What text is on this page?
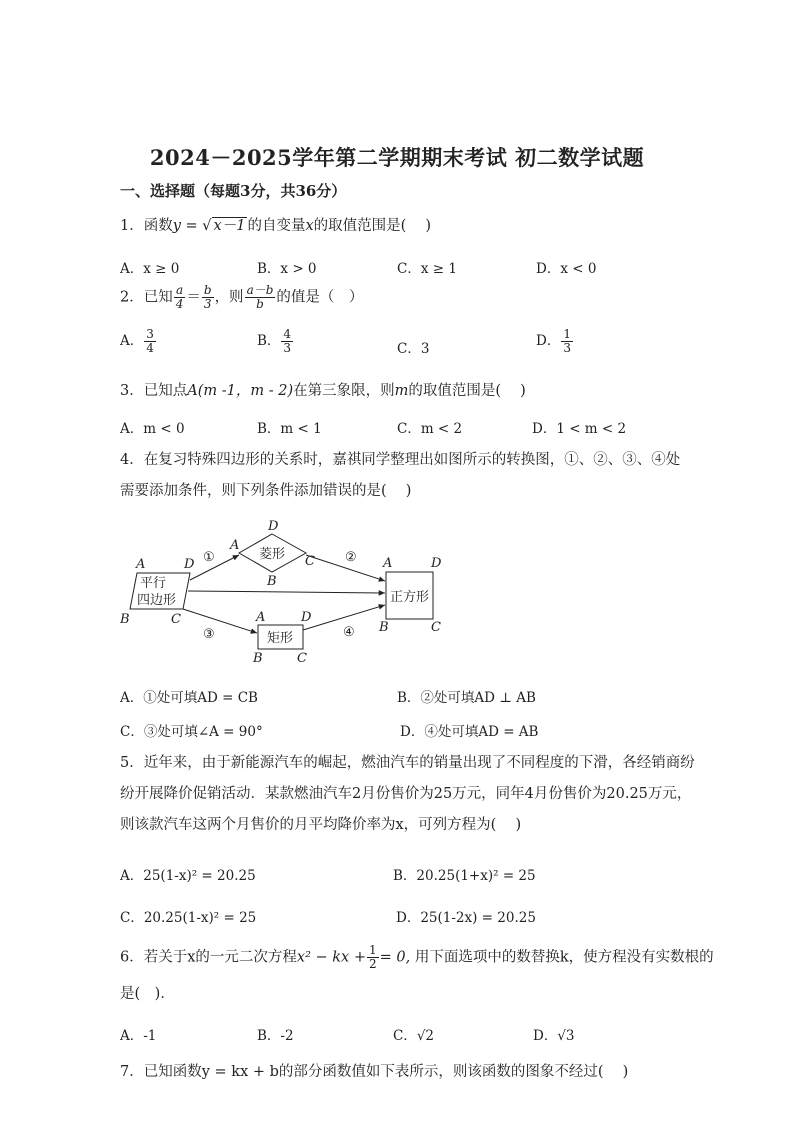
2024－2025学年第二学期期末考试 初二数学试题
一、选择题（每题3分，共36分）
1．函数y = √ x－1 的自变量x的取值范围是(　 )
A．x ≥ 0	B．x > 0	C．x ≥ 1	D．x < 0
2．已知 $\frac{a}{4} = \frac{b}{3}$ ，则 $\frac{a-b}{b}$ 的值是（　）
A． $\frac{3}{4}$	B． $\frac{4}{3}$	C．3	D． $\frac{1}{3}$
3．已知点A(m -1，m - 2)在第三象限，则m的取值范围是(　 )
A．m < 0	B．m < 1	C．m < 2	D．1 < m < 2
4．在复习特殊四边形的关系时，嘉祺同学整理出如图所示的转换图，①、②、③、④处
需要添加条件，则下列条件添加错误的是(　 )
平行
四边形
A	D
B	C
菱形
D
A
C
B
正方形
A	D
B	C
矩形
A	D
B	C
①	②
③	④
A．①处可填AD = CB	B．②处可填AD ⊥ AB
C．③处可填∠A = 90°	D．④处可填AD = AB
5．近年来，由于新能源汽车的崛起，燃油汽车的销量出现了不同程度的下滑，各经销商纷
纷开展降价促销活动．某款燃油汽车2月份售价为25万元，同年4月份售价为20.25万元，
则该款汽车这两个月售价的月平均降价率为x，可列方程为(　 )
A．25(1-x)² = 20.25	B．20.25(1+x)² = 25
C．20.25(1-x)² = 25	D．25(1-2x) = 20.25
6．若关于x的一元二次方程x² − kx + $\frac{1}{2} = 0$, 用下面选项中的数替换k，使方程没有实数根的
是(　)．
A．-1	B．-2	C．√2	D．√3
7．已知函数y = kx + b的部分函数值如下表所示，则该函数的图象不经过(　 )
